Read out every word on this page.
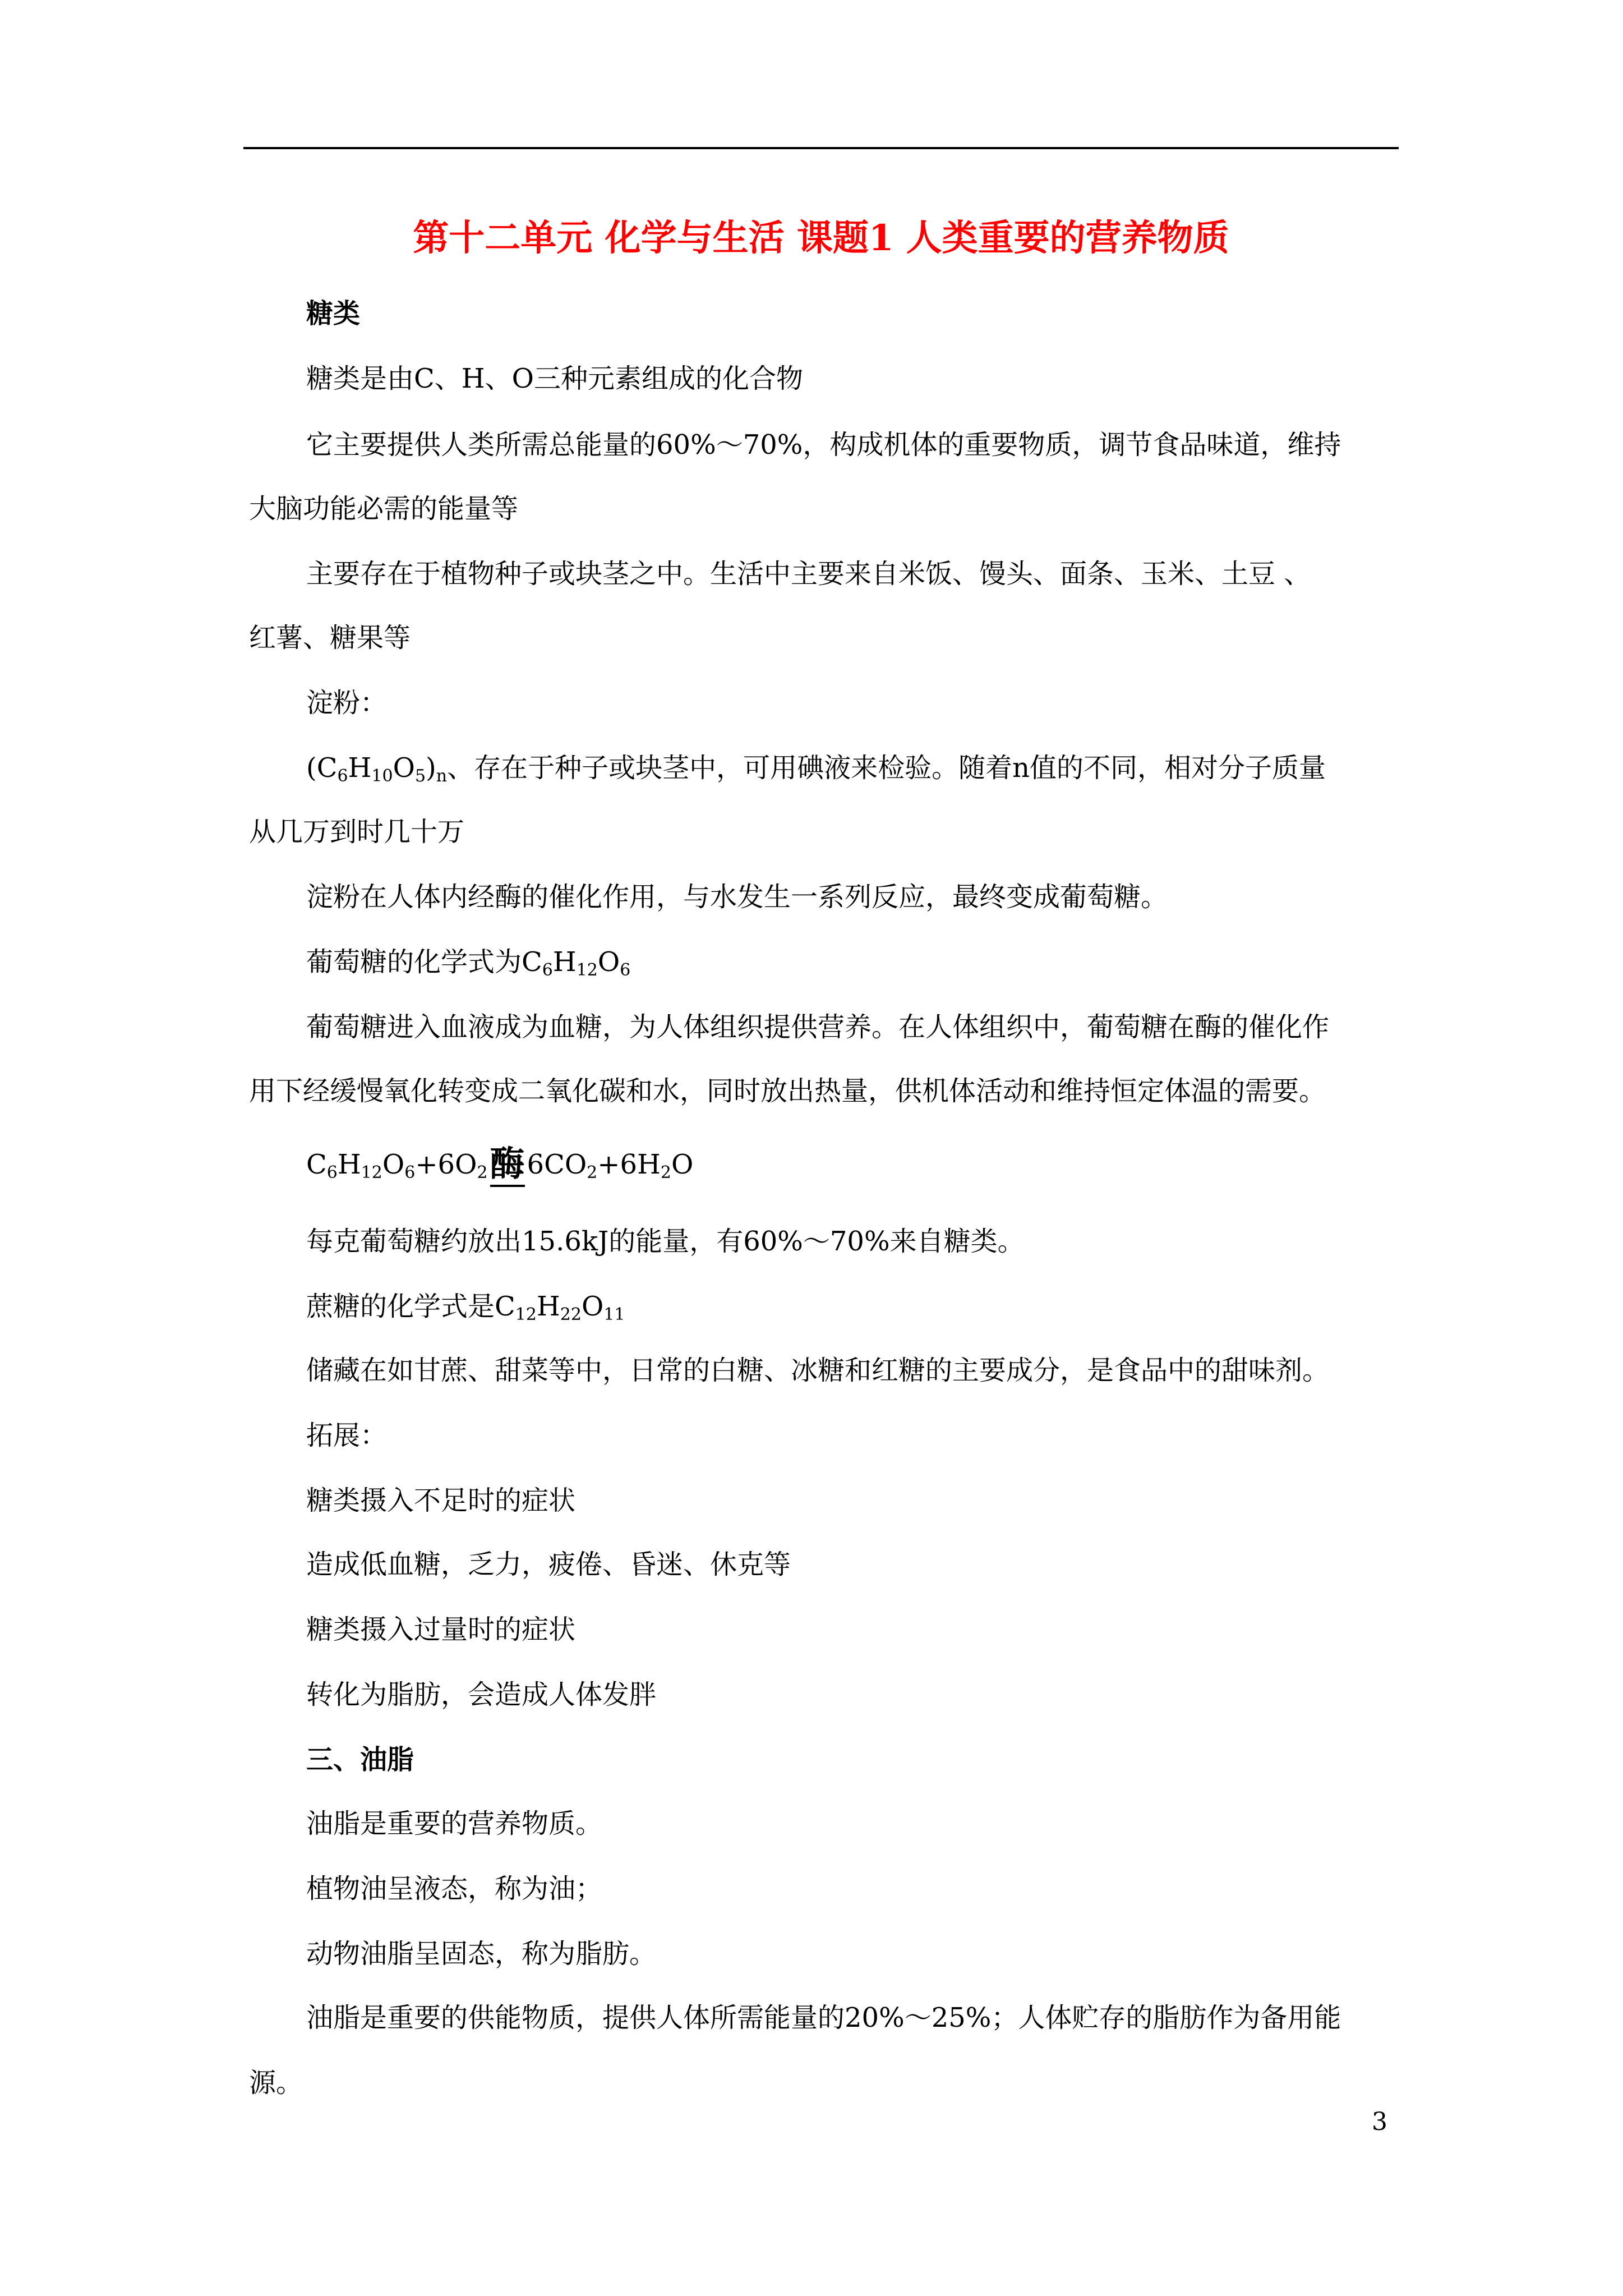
第十二单元 化学与生活 课题1 人类重要的营养物质
糖类
糖类是由C、H、O三种元素组成的化合物
它主要提供人类所需总能量的60%～70%，构成机体的重要物质，调节食品味道，维持
大脑功能必需的能量等
主要存在于植物种子或块茎之中。生活中主要来自米饭、馒头、面条、玉米、土豆 、
红薯、糖果等
淀粉：
$(C_6H_{10}O_5)_n$、存在于种子或块茎中，可用碘液来检验。随着n值的不同，相对分子质量
从几万到时几十万
淀粉在人体内经酶的催化作用，与水发生一系列反应，最终变成葡萄糖。
葡萄糖的化学式为$C_6H_{12}O_6$
葡萄糖进入血液成为血糖，为人体组织提供营养。在人体组织中，葡萄糖在酶的催化作
用下经缓慢氧化转变成二氧化碳和水，同时放出热量，供机体活动和维持恒定体温的需要。
$C_6H_{12}O_6+6O_2$酶$6CO_2+6H_2O$
每克葡萄糖约放出15.6kJ的能量，有60%～70%来自糖类。
蔗糖的化学式是$C_{12}H_{22}O_{11}$
储藏在如甘蔗、甜菜等中，日常的白糖、冰糖和红糖的主要成分，是食品中的甜味剂。
拓展：
糖类摄入不足时的症状
造成低血糖，乏力，疲倦、昏迷、休克等
糖类摄入过量时的症状
转化为脂肪，会造成人体发胖
三、油脂
油脂是重要的营养物质。
植物油呈液态，称为油；
动物油脂呈固态，称为脂肪。
油脂是重要的供能物质，提供人体所需能量的20%～25%；人体贮存的脂肪作为备用能
源。
3
